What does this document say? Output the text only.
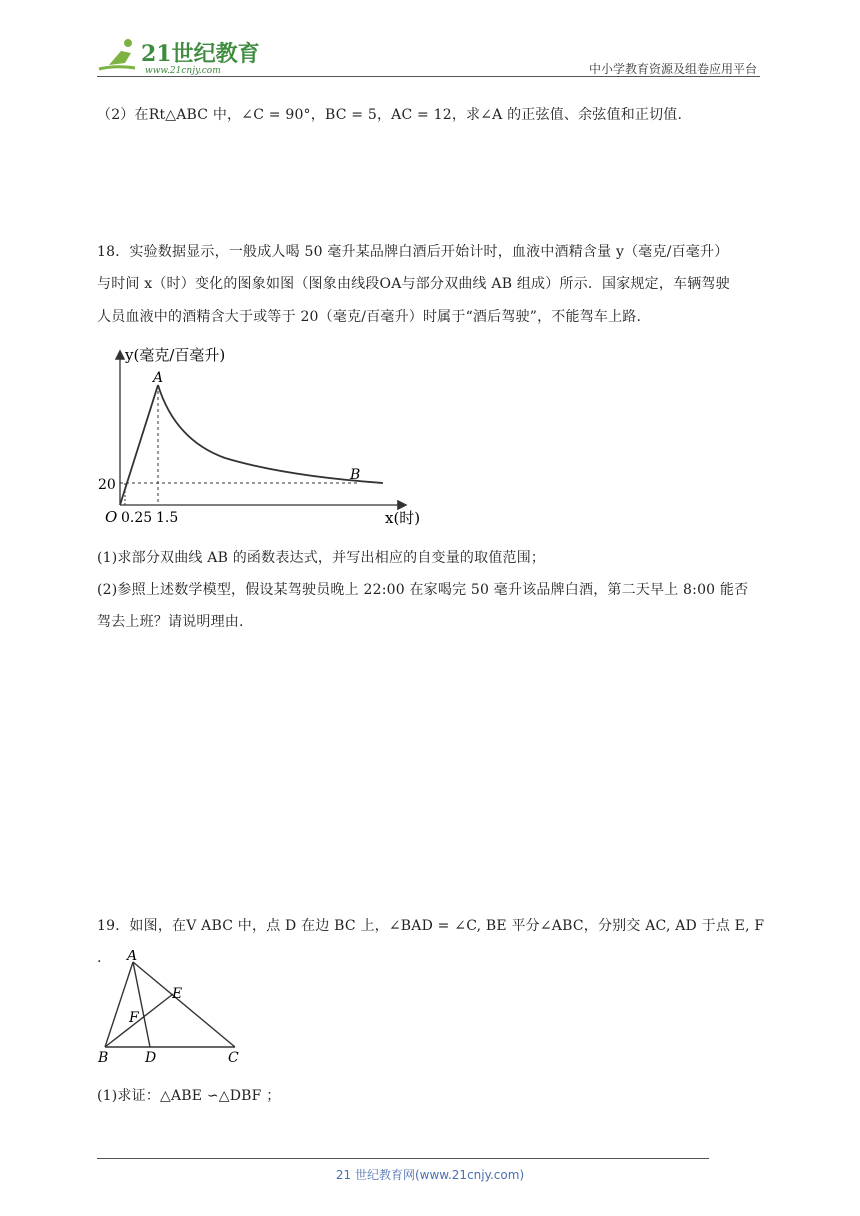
21世纪教育
www.21cnjy.com	中小学教育资源及组卷应用平台
（2）在Rt△ABC 中，∠C = 90°，BC = 5，AC = 12，求∠A 的正弦值、余弦值和正切值.
18．实验数据显示，一般成人喝 50 毫升某品牌白酒后开始计时，血液中酒精含量 y（毫克/百毫升）
与时间 x（时）变化的图象如图（图象由线段OA与部分双曲线 AB 组成）所示．国家规定，车辆驾驶
人员血液中的酒精含大于或等于 20（毫克/百毫升）时属于“酒后驾驶”，不能驾车上路.
y(毫克/百毫升)
x(时)
O
A
B
20
0.25 1.5
(1)求部分双曲线 AB 的函数表达式，并写出相应的自变量的取值范围；
(2)参照上述数学模型，假设某驾驶员晚上 22:00 在家喝完 50 毫升该品牌白酒，第二天早上 8:00 能否
驾去上班？请说明理由.
19．如图，在V ABC 中，点 D 在边 BC 上，∠BAD = ∠C, BE 平分∠ABC，分别交 AC, AD 于点 E, F .	A
B	C
D
E
F
(1)求证：△ABE ∽△DBF ；
21 世纪教育网(www.21cnjy.com)
